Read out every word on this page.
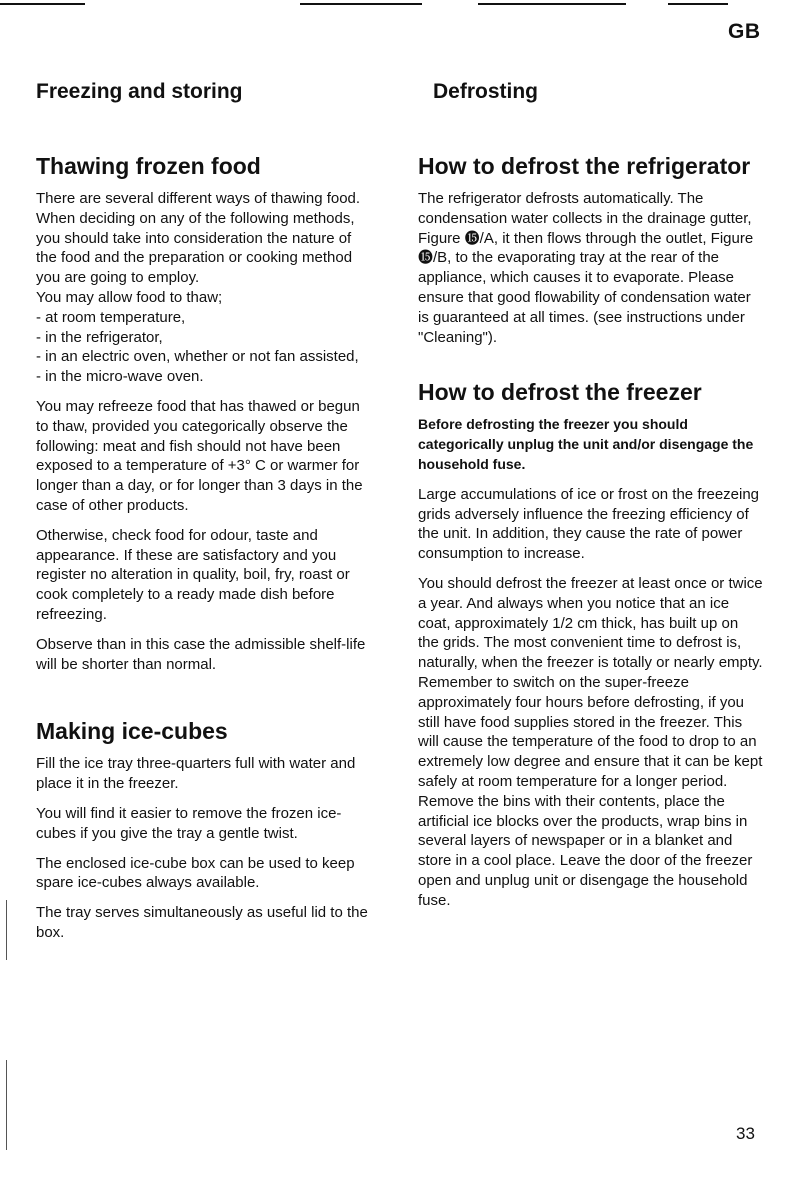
GB
Freezing and storing	Defrosting
Thawing frozen food

There are several different ways of thawing food. When deciding on any of the following methods, you should take into consideration the nature of the food and the preparation or cooking method you are going to employ.

You may allow food to thaw;

- at room temperature,
- in the refrigerator,
- in an electric oven, whether or not fan assisted,
- in the micro-wave oven.

You may refreeze food that has thawed or begun to thaw, provided you categorically observe the following: meat and fish should not have been exposed to a temperature of +3° C or warmer for longer than a day, or for longer than 3 days in the case of other products.

Otherwise, check food for odour, taste and appearance. If these are satisfactory and you register no alteration in quality, boil, fry, roast or cook completely to a ready made dish before refreezing.

Observe than in this case the admissible shelf-life will be shorter than normal.

Making ice-cubes

Fill the ice tray three-quarters full with water and place it in the freezer.

You will find it easier to remove the frozen ice-cubes if you give the tray a gentle twist.

The enclosed ice-cube box can be used to keep spare ice-cubes always available.

The tray serves simultaneously as useful lid to the box.

How to defrost the refrigerator

The refrigerator defrosts automatically. The condensation water collects in the drainage gutter, Figure ⓯/A, it then flows through the outlet, Figure ⓯/B, to the evaporating tray at the rear of the appliance, which causes it to evaporate. Please ensure that good flowability of condensation water is guaranteed at all times. (see instructions under "Cleaning").

How to defrost the freezer

Before defrosting the freezer you should categorically unplug the unit and/or disengage the household fuse.

Large accumulations of ice or frost on the freezeing grids adversely influence the freezing efficiency of the unit. In addition, they cause the rate of power consumption to increase.

You should defrost the freezer at least once or twice a year. And always when you notice that an ice coat, approximately 1/2 cm thick, has built up on the grids. The most convenient time to defrost is, naturally, when the freezer is totally or nearly empty. Remember to switch on the super-freeze approximately four hours before defrosting, if you still have food supplies stored in the freezer. This will cause the temperature of the food to drop to an extremely low degree and ensure that it can be kept safely at room temperature for a longer period. Remove the bins with their contents, place the artificial ice blocks over the products, wrap bins in several layers of newspaper or in a blanket and store in a cool place. Leave the door of the freezer open and unplug unit or disengage the household fuse.

33
